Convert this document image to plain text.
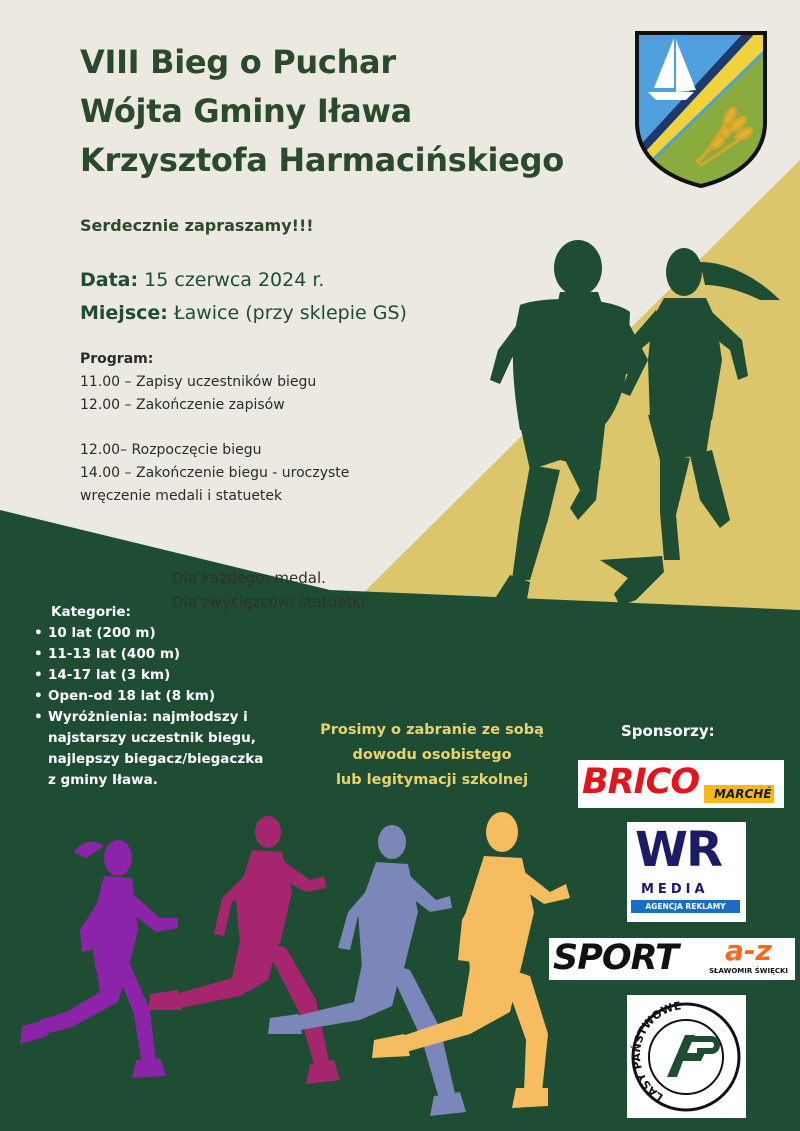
VIII Bieg o Puchar
Wójta Gminy Iława
Krzysztofa Harmacińskiego
Serdecznie zapraszamy!!!
Data: 15 czerwca 2024 r.
Miejsce: Ławice (przy sklepie GS)
Program:
11.00 – Zapisy uczestników biegu
12.00 – Zakończenie zapisów
12.00– Rozpoczęcie biegu
14.00 – Zakończenie biegu - uroczyste
wręczenie medali i statuetek
Dla każdego: medal.
Dla zwycięzców: statuetki.
Kategorie:
• 10 lat (200 m)
• 11-13 lat (400 m)
• 14-17 lat (3 km)
• Open-od 18 lat (8 km)
• Wyróżnienia: najmłodszy i najstarszy uczestnik biegu, najlepszy biegacz/biegaczka z gminy Iława.
Prosimy o zabranie ze sobą
dowodu osobistego
lub legitymacji szkolnej
Sponsorzy:
BRICO	MARCHÉ
WR
MEDIA
AGENCJA REKLAMY
SPORT a-z
SŁAWOMIR ŚWIĘCKI
LASY PAŃSTWOWE
